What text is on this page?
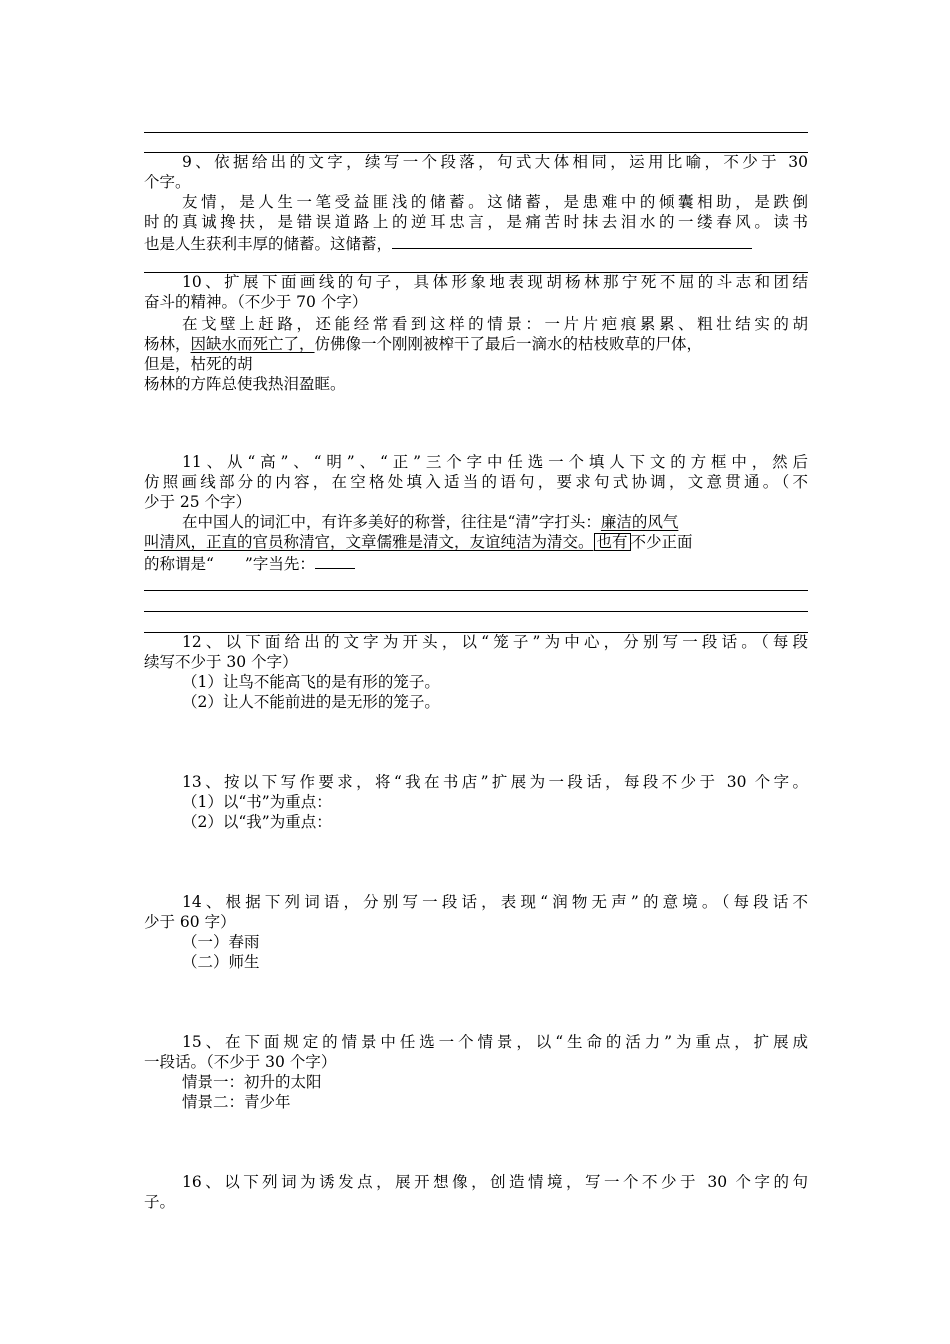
9、依据给出的文字，续写一个段落，句式大体相同，运用比喻，不少于 30
个字。
友情，是人生一笔受益匪浅的储蓄。这储蓄，是患难中的倾囊相助，是跌倒
时的真诚搀扶，是错误道路上的逆耳忠言，是痛苦时抹去泪水的一缕春风。读书
也是人生获利丰厚的储蓄。这储蓄，
10、扩展下面画线的句子，具体形象地表现胡杨林那宁死不屈的斗志和团结
奋斗的精神。（不少于 70 个字）
在戈壁上赶路，还能经常看到这样的情景：一片片疤痕累累、粗壮结实的胡
杨林，因缺水而死亡了，仿佛像一个刚刚被榨干了最后一滴水的枯枝败草的尸体，
但是，枯死的胡
杨林的方阵总使我热泪盈眶。
11、从“高”、“明”、“正”三个字中任选一个填人下文的方框中，然后
仿照画线部分的内容，在空格处填入适当的语句，要求句式协调，文意贯通。（不
少于 25 个字）
在中国人的词汇中，有许多美好的称誉，往往是“清”字打头：廉洁的风气
叫清风，正直的官员称清官，文章儒雅是清文，友谊纯洁为清交。 也有 不少正面
的称谓是“　　”字当先：
12、以下面给出的文字为开头，以“笼子”为中心，分别写一段话。（每段
续写不少于 30 个字）
（1）让鸟不能高飞的是有形的笼子。
（2）让人不能前进的是无形的笼子。
13、按以下写作要求，将“我在书店”扩展为一段话，每段不少于 30 个字。
（1）以“书”为重点：
（2）以“我”为重点：
14、根据下列词语，分别写一段话，表现“润物无声”的意境。（每段话不
少于 60 字）
（一）春雨
（二）师生
15、在下面规定的情景中任选一个情景，以“生命的活力”为重点，扩展成
一段话。（不少于 30 个字）
情景一：初升的太阳
情景二：青少年
16、以下列词为诱发点，展开想像，创造情境，写一个不少于 30 个字的句
子。
